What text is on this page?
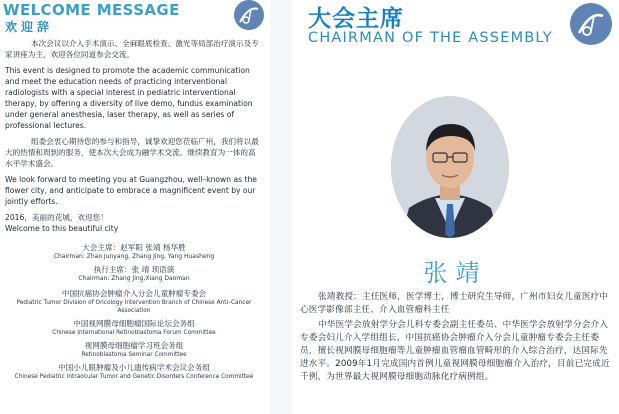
WELCOME MESSAGE
欢迎辞

本次会议以介入手术演示、全麻眼底检查、激光等局部治疗演示及专家讲座为主，欢迎各位同道参会交流。

This event is designed to promote the academic communication and meet the education needs of practicing interventional radiologists with a special interest in pediatric interventional therapy, by offering a diversity of live demo, fundus examination under general anesthesia, laser therapy, as well as series of professional lectures.

组委会衷心期待您的参与和指导，诚挚欢迎您莅临广州，我们将以最大的热情和周到的服务，使本次大会成为融学术交流、继续教育为一体的高水平学术盛会。

We look forward to meeting you at Guangzhou, well–known as the flower city, and anticipate to embrace a magnificent event by our jointly efforts.

2016，美丽的花城，欢迎您！

Welcome to this beautiful city

大会主席：赵军阳 张靖 杨华胜

Chairman: Zhao Junyang, Zhang Jing, Yang Huasheng

执行主席：张 靖 顼语演

Chairman: Zhang Jing,Xiang Daoman

中国抗癌协会肿瘤介入分会儿童肿瘤专委会

Pediatric Tumor Division of Oncology Intervention Branch of Chinese Anti–Cancer Association

中国视网膜母细胞瘤国际论坛会务组

Chinese International Retinoblastoma Forum Committee

视网膜母细胞瘤学习班会务组

Retinoblastoma Seminar Committee

中国小儿眼肿瘤及小儿遗传病学术会议会务组

Chinese Pediatric Intraocular Tumor and Genetic Disorders Conference Committee

大会主席
CHAIRMAN OF THE ASSEMBLY
张靖

张靖教授：主任医师，医学博士，博士研究生导师，广州市妇女儿童医疗中心医学影像部主任、介入血管瘤科主任

中华医学会放射学分会儿科专委会副主任委员、中华医学会放射学分会介入专委会妇儿介入学组组长，中国抗癌协会肿瘤介入分会儿童肿瘤专委会主任委员，擅长视网膜母细胞瘤等儿童肿瘤血管瘤血管畸形的介入综合治疗，达国际先进水平。2009年1月完成国内首例儿童视网膜母细胞瘤介入治疗，目前已完成近千例，为世界最大视网膜母细胞动脉化疗病例组。
